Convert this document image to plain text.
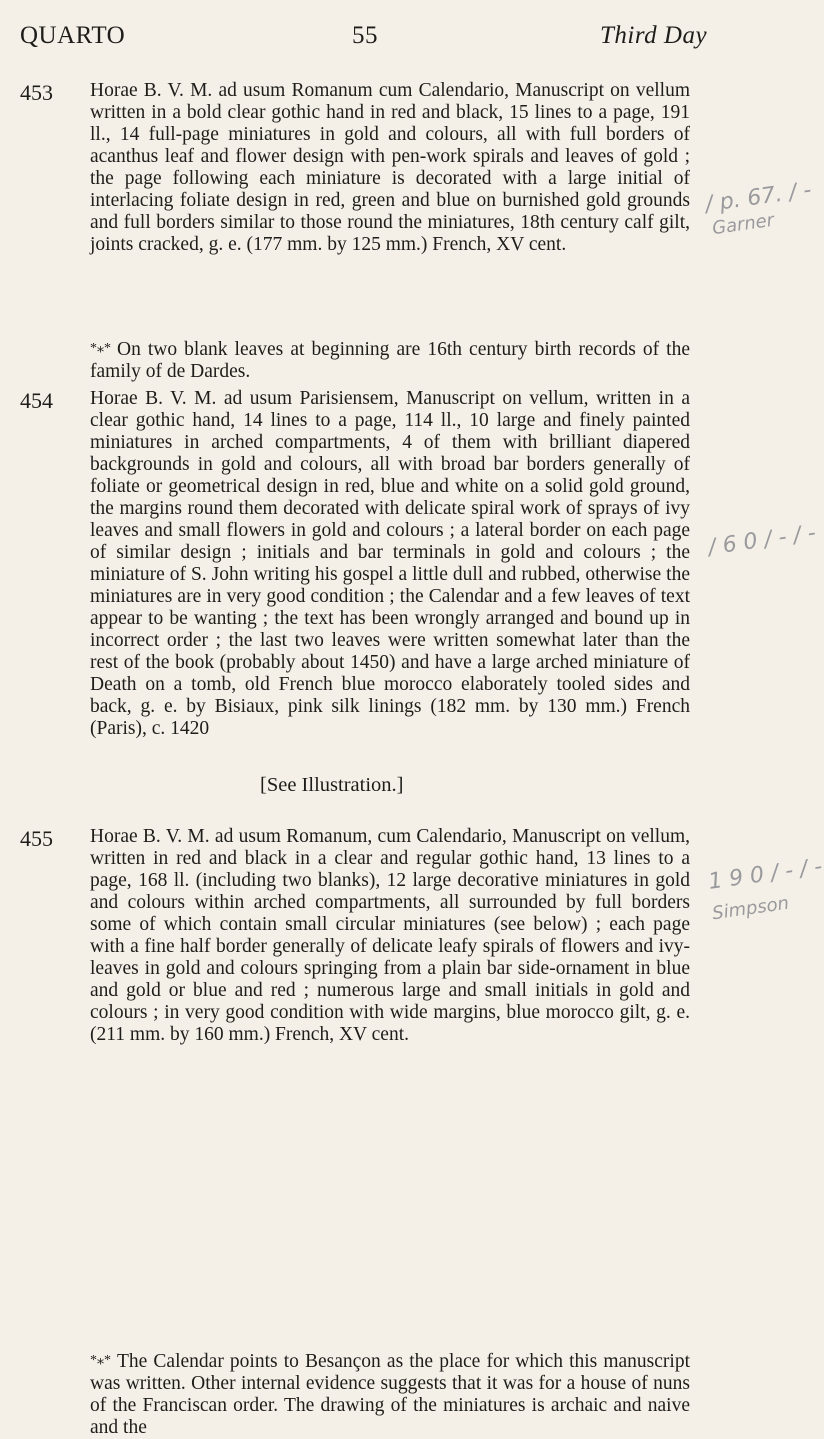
QUARTO	55	Third Day
453 Horae B. V. M. ad usum Romanum cum Calendario, Manuscript on vellum written in a bold clear gothic hand in red and black, 15 lines to a page, 191 ll., 14 full-page miniatures in gold and colours, all with full borders of acanthus leaf and flower design with pen-work spirals and leaves of gold ; the page following each miniature is decorated with a large initial of interlacing foliate design in red, green and blue on burnished gold grounds and full borders similar to those round the miniatures, 18th century calf gilt, joints cracked, g. e. (177 mm. by 125 mm.) French, XV cent.
*⁎* On two blank leaves at beginning are 16th century birth records of the family of de Dardes.
454 Horae B. V. M. ad usum Parisiensem, Manuscript on vellum, written in a clear gothic hand, 14 lines to a page, 114 ll., 10 large and finely painted miniatures in arched compartments, 4 of them with brilliant diapered backgrounds in gold and colours, all with broad bar borders generally of foliate or geometrical design in red, blue and white on a solid gold ground, the margins round them decorated with delicate spiral work of sprays of ivy leaves and small flowers in gold and colours ; a lateral border on each page of similar design ; initials and bar terminals in gold and colours ; the miniature of S. John writing his gospel a little dull and rubbed, otherwise the miniatures are in very good condition ; the Calendar and a few leaves of text appear to be wanting ; the text has been wrongly arranged and bound up in incorrect order ; the last two leaves were written somewhat later than the rest of the book (probably about 1450) and have a large arched miniature of Death on a tomb, old French blue morocco elaborately tooled sides and back, g. e. by Bisiaux, pink silk linings (182 mm. by 130 mm.) French (Paris), c. 1420
[See Illustration.]
455 Horae B. V. M. ad usum Romanum, cum Calendario, Manuscript on vellum, written in red and black in a clear and regular gothic hand, 13 lines to a page, 168 ll. (including two blanks), 12 large decorative miniatures in gold and colours within arched compartments, all surrounded by full borders some of which contain small circular miniatures (see below) ; each page with a fine half border generally of delicate leafy spirals of flowers and ivy-leaves in gold and colours springing from a plain bar side-ornament in blue and gold or blue and red ; numerous large and small initials in gold and colours ; in very good condition with wide margins, blue morocco gilt, g. e. (211 mm. by 160 mm.) French, XV cent.
*⁎* The Calendar points to Besançon as the place for which this manuscript was written. Other internal evidence suggests that it was for a house of nuns of the Franciscan order. The drawing of the miniatures is archaic and naive and the
/ p. 67. / -
Garner
/ 6 0 / - / -
1 9 0 / - / -
Simpson
